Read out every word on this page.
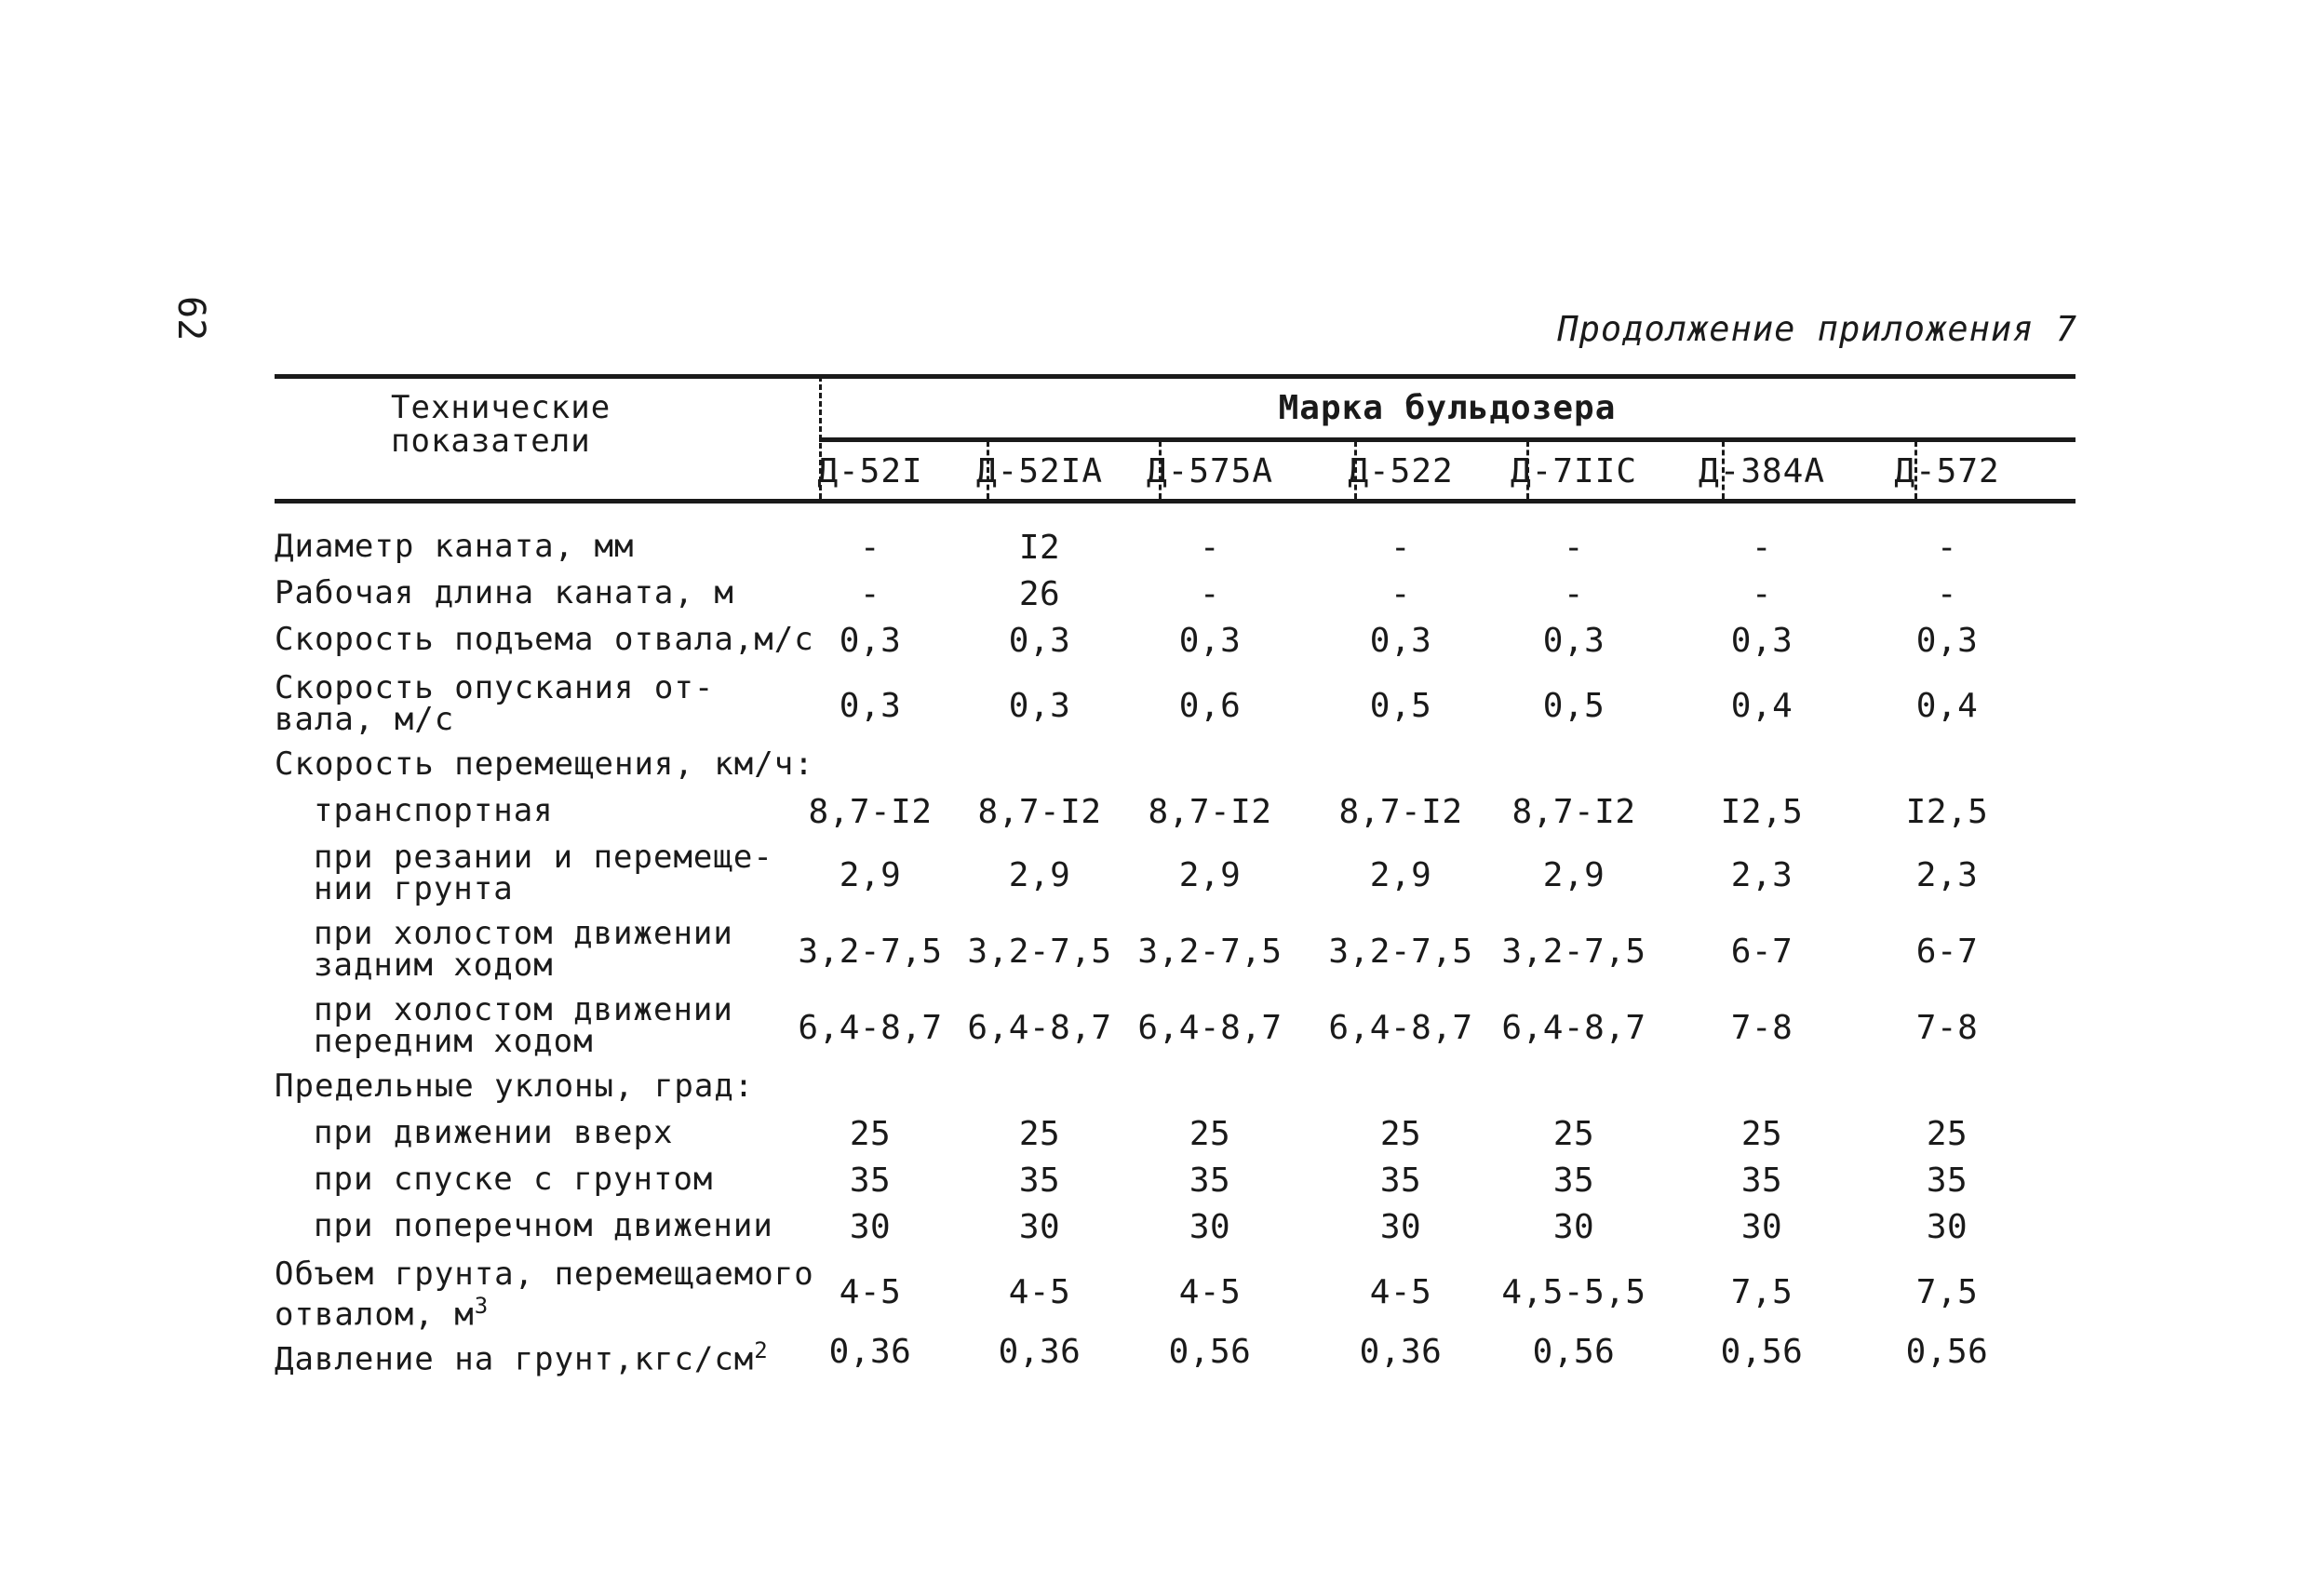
62	Продолжение приложения 7
Технические
показатели
Марка бульдозера
Д-52I	Д-52IA	Д-575A	Д-522	Д-7IIC	Д-384A	Д-572
Диаметр каната, мм	-	I2	-	-	-	-	-
Рабочая длина каната, м	-	26	-	-	-	-	-
Скорость подъема отвала,м/с 0,3	0,3	0,3	0,3	0,3	0,3	0,3
Скорость опускания от-
вала, м/с	0,3	0,3	0,6	0,5	0,5	0,4	0,4
Скорость перемещения, км/ч:
транспортная	8,7-I2	8,7-I2	8,7-I2	8,7-I2	8,7-I2	I2,5	I2,5
при резании и перемеще-
нии грунта	2,9	2,9	2,9	2,9	2,9	2,3	2,3
при холостом движении
задним ходом	3,2-7,5 3,2-7,5 3,2-7,5 3,2-7,5 3,2-7,5	6-7	6-7
при холостом движении
передним ходом	6,4-8,7 6,4-8,7 6,4-8,7 6,4-8,7 6,4-8,7	7-8	7-8
Предельные уклоны, град:
при движении вверх	25	25	25	25	25	25	25
при спуске с грунтом	35	35	35	35	35	35	35
при поперечном движении	30	30	30	30	30	30	30
Объем грунта, перемещаемого
отвалом, $м^3$	4-5	4-5	4-5	4-5	4,5-5,5	7,5	7,5
Давление на $грунт,кгс/см^2$	0,36	0,36	0,56	0,36	0,56	0,56	0,56
